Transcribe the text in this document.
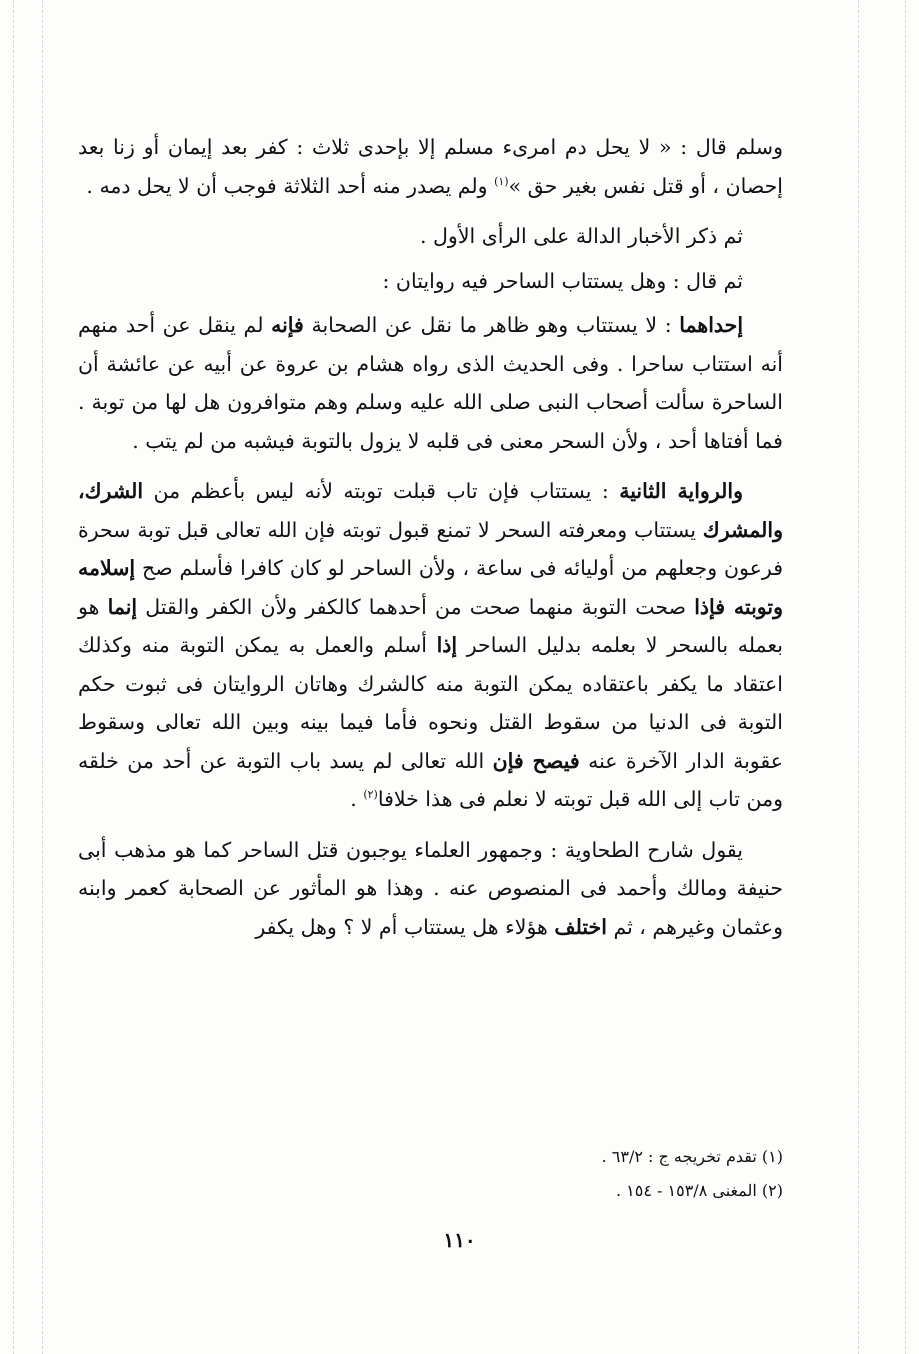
وسلم قال : « لا يحل دم امرىء مسلم إلا بإحدى ثلاث : كفر بعد إيمان أو زنا بعد إحصان ، أو قتل نفس بغير حق »$^{(١)}$ ولم يصدر منه أحد الثلاثة فوجب أن لا يحل دمه .

ثم ذكر الأخبار الدالة على الرأى الأول .

ثم قال : وهل يستتاب الساحر فيه روايتان :

إحداهما : لا يستتاب وهو ظاهر ما نقل عن الصحابة فإنه لم ينقل عن أحد منهم أنه استتاب ساحرا . وفى الحديث الذى رواه هشام بن عروة عن أبيه عن عائشة أن الساحرة سألت أصحاب النبى صلى الله عليه وسلم وهم متوافرون هل لها من توبة . فما أفتاها أحد ، ولأن السحر معنى فى قلبه لا يزول بالتوبة فيشبه من لم يتب .

والرواية الثانية : يستتاب فإن تاب قبلت توبته لأنه ليس بأعظم من الشرك، والمشرك يستتاب ومعرفته السحر لا تمنع قبول توبته فإن الله تعالى قبل توبة سحرة فرعون وجعلهم من أوليائه فى ساعة ، ولأن الساحر لو كان كافرا فأسلم صح إسلامه وتوبته فإذا صحت التوبة منهما صحت من أحدهما كالكفر ولأن الكفر والقتل إنما هو بعمله بالسحر لا بعلمه بدليل الساحر إذا أسلم والعمل به يمكن التوبة منه وكذلك اعتقاد ما يكفر باعتقاده يمكن التوبة منه كالشرك وهاتان الروايتان فى ثبوت حكم التوبة فى الدنيا من سقوط القتل ونحوه فأما فيما بينه وبين الله تعالى وسقوط عقوبة الدار الآخرة عنه فيصح فإن الله تعالى لم يسد باب التوبة عن أحد من خلقه ومن تاب إلى الله قبل توبته لا نعلم فى هذا خلافا$^{(٢)}$ .

يقول شارح الطحاوية : وجمهور العلماء يوجبون قتل الساحر كما هو مذهب أبى حنيفة ومالك وأحمد فى المنصوص عنه . وهذا هو المأثور عن الصحابة كعمر وابنه وعثمان وغيرهم ، ثم اختلف هؤلاء هل يستتاب أم لا ؟ وهل يكفر

(١) تقدم تخريجه ج : ٦٣/٢ .

(٢) المغنى ١٥٣/٨ - ١٥٤ .

١١٠
